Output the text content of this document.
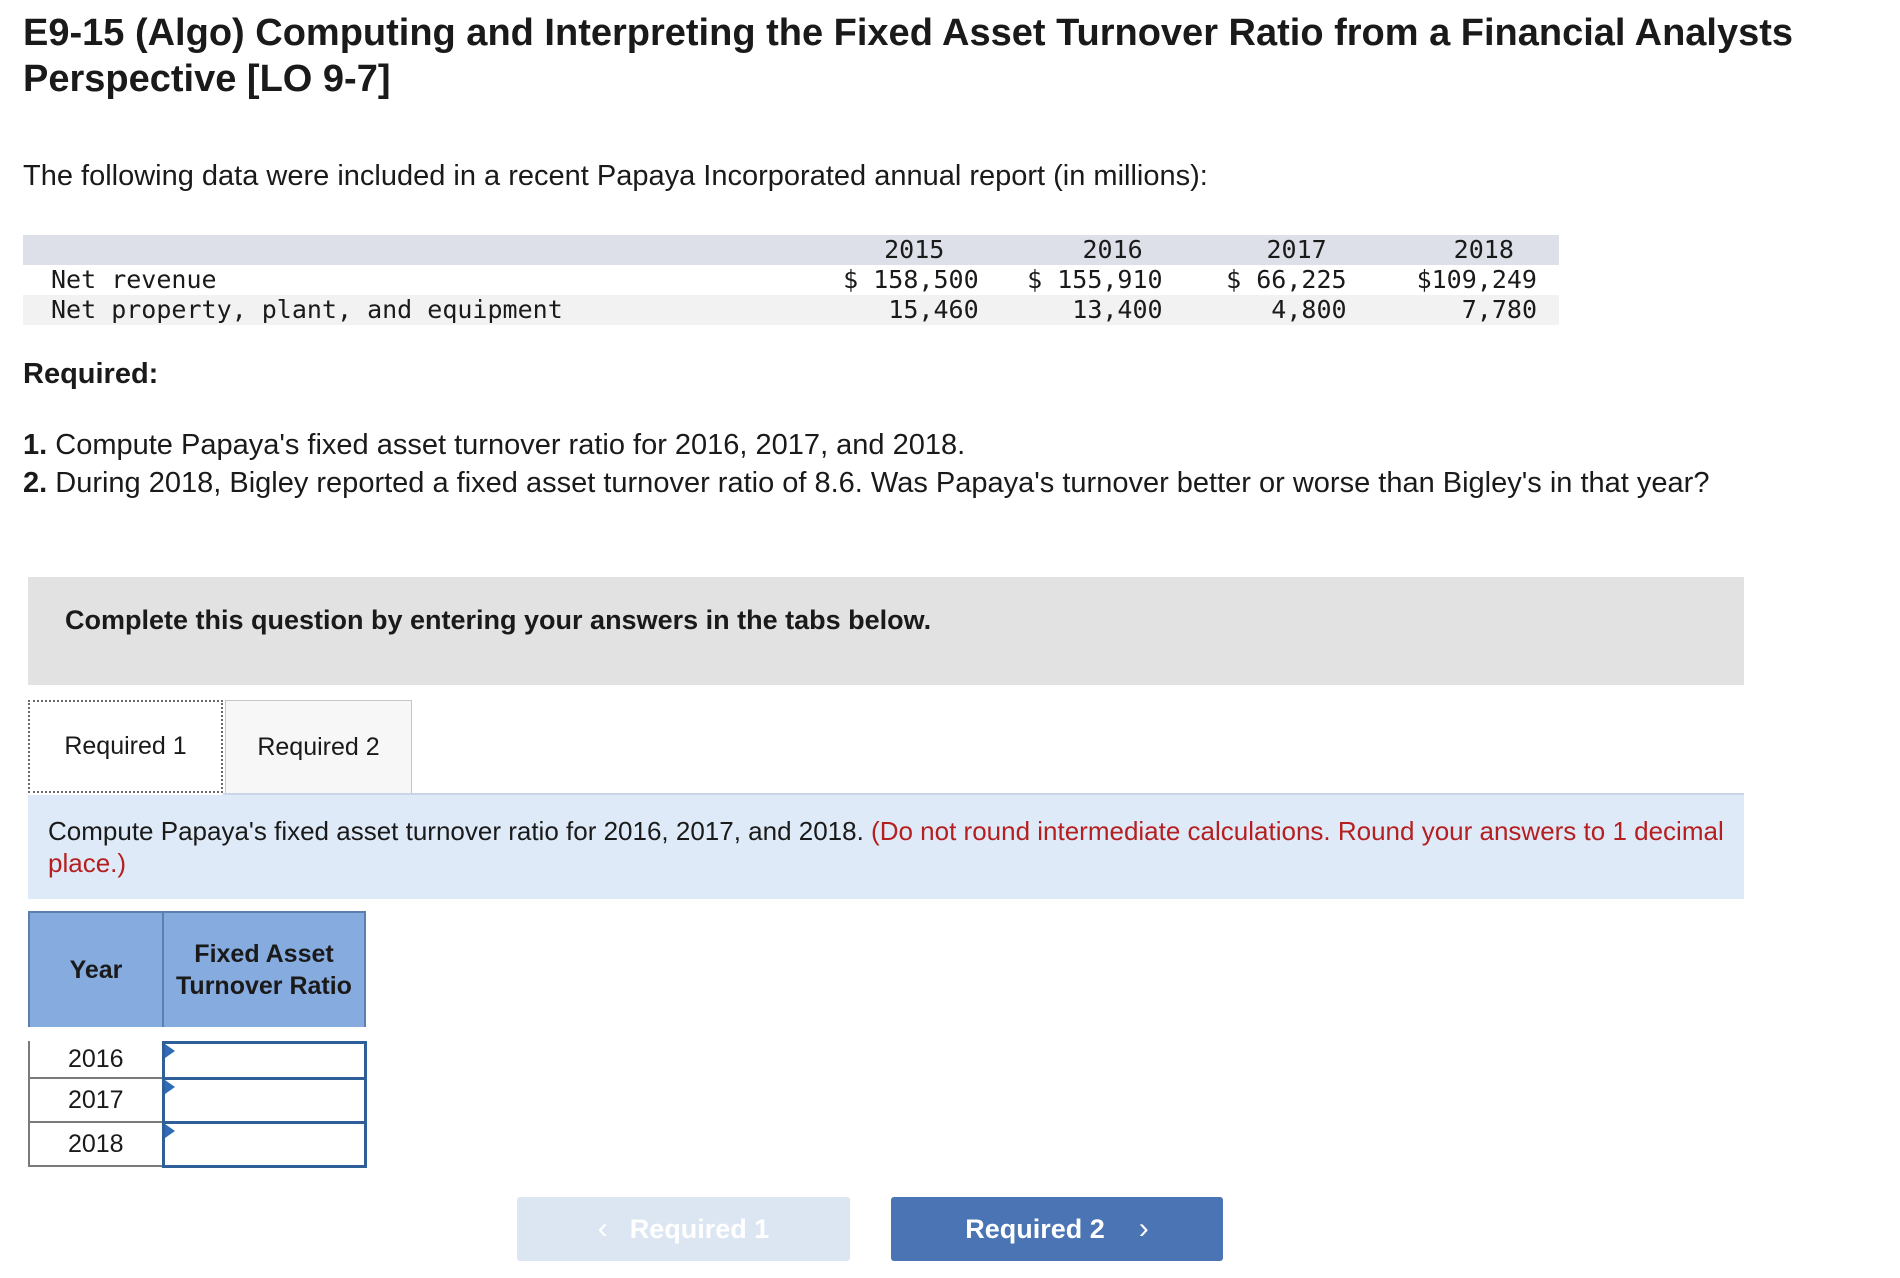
E9-15 (Algo) Computing and Interpreting the Fixed Asset Turnover Ratio from a Financial Analysts Perspective [LO 9-7]
The following data were included in a recent Papaya Incorporated annual report (in millions):
	2015	2016	2017	2018
Net revenue	$ 158,500	$ 155,910	$ 66,225	$109,249
Net property, plant, and equipment	15,460	13,400	4,800	7,780
Required:
1. Compute Papaya's fixed asset turnover ratio for 2016, 2017, and 2018.
2. During 2018, Bigley reported a fixed asset turnover ratio of 8.6. Was Papaya's turnover better or worse than Bigley's in that year?
Complete this question by entering your answers in the tabs below.
Required 1	Required 2
Compute Papaya's fixed asset turnover ratio for 2016, 2017, and 2018. (Do not round intermediate calculations. Round your answers to 1 decimal place.)
Year	Fixed Asset
Turnover Ratio
2016	

2017	

2018	
‹ Required 1	Required 2 ›
